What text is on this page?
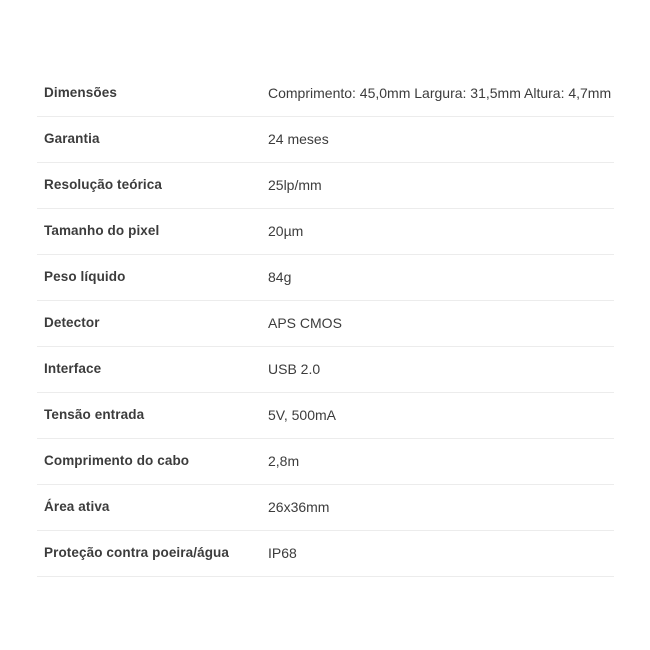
Dimensões	Comprimento: 45,0mm Largura: 31,5mm Altura: 4,7mm
Garantia	24 meses
Resolução teórica	25lp/mm
Tamanho do pixel	20µm
Peso líquido	84g
Detector	APS CMOS
Interface	USB 2.0
Tensão entrada	5V, 500mA
Comprimento do cabo	2,8m
Área ativa	26x36mm
Proteção contra poeira/água	IP68
